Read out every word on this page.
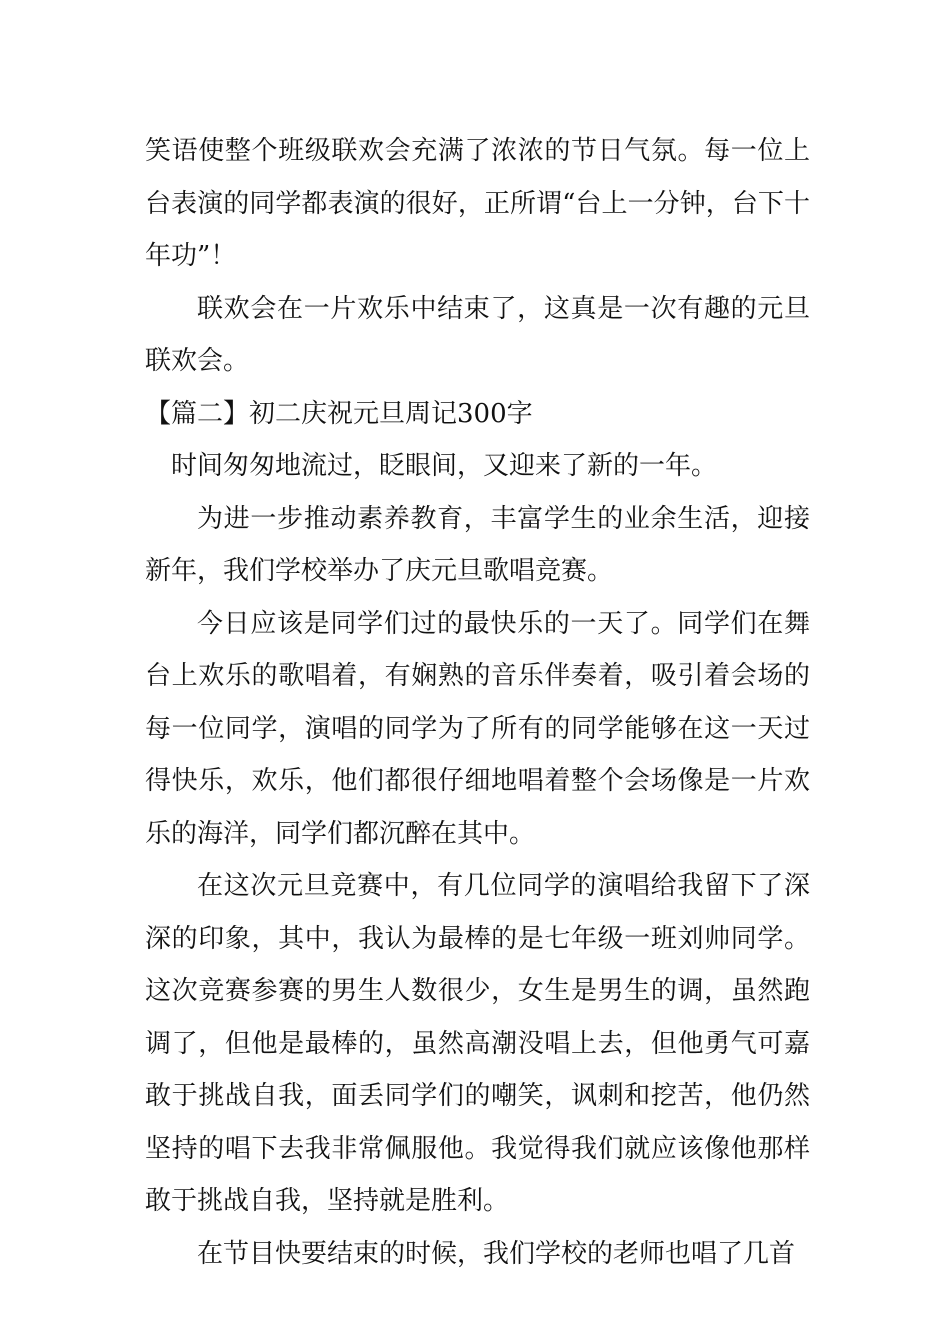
笑语使整个班级联欢会充满了浓浓的节日气氛。每一位上台表演的同学都表演的很好，正所谓“台上一分钟，台下十年功”！

联欢会在一片欢乐中结束了，这真是一次有趣的元旦联欢会。

【篇二】初二庆祝元旦周记300字

时间匆匆地流过，眨眼间，又迎来了新的一年。

为进一步推动素养教育，丰富学生的业余生活，迎接新年，我们学校举办了庆元旦歌唱竞赛。

今日应该是同学们过的最快乐的一天了。同学们在舞台上欢乐的歌唱着，有娴熟的音乐伴奏着，吸引着会场的每一位同学，演唱的同学为了所有的同学能够在这一天过得快乐，欢乐，他们都很仔细地唱着整个会场像是一片欢乐的海洋，同学们都沉醉在其中。

在这次元旦竞赛中，有几位同学的演唱给我留下了深深的印象，其中，我认为最棒的是七年级一班刘帅同学。这次竞赛参赛的男生人数很少，女生是男生的调，虽然跑调了，但他是最棒的，虽然高潮没唱上去，但他勇气可嘉敢于挑战自我，面丢同学们的嘲笑，讽刺和挖苦，他仍然坚持的唱下去我非常佩服他。我觉得我们就应该像他那样敢于挑战自我，坚持就是胜利。

在节目快要结束的时候，我们学校的老师也唱了几首
